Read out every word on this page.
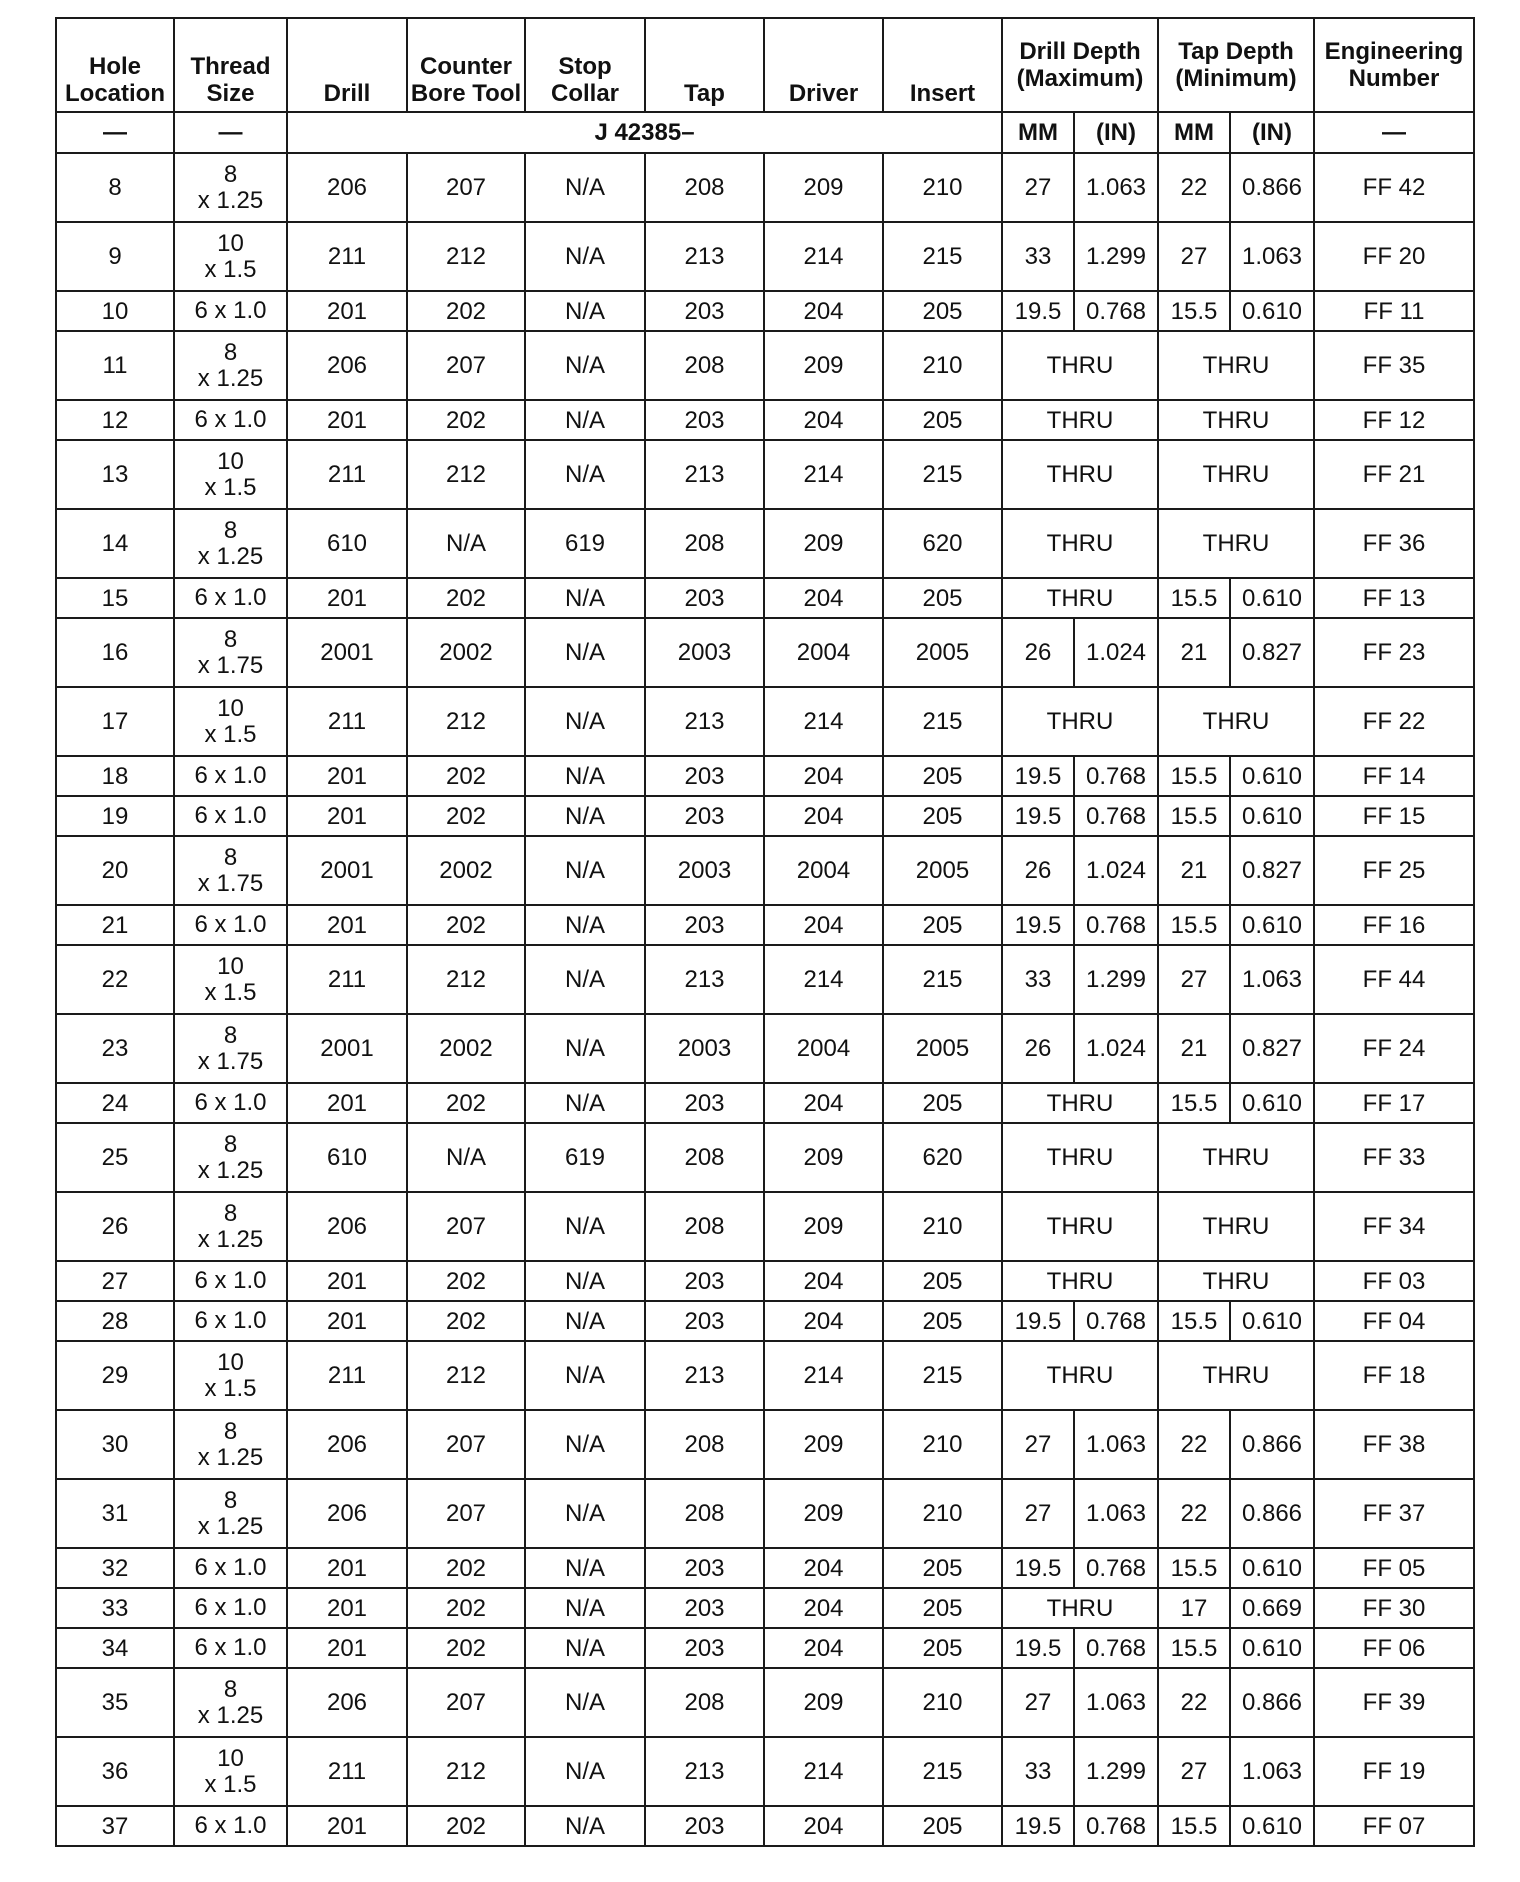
Hole Location	Thread Size	Drill	Counter Bore Tool	Stop Collar	Tap	Driver	Insert	Drill Depth (Maximum)		Tap Depth (Minimum)		Engineering Number
—	—	J 42385–						MM	(IN)	MM	(IN)	—
8	8
x 1.25	206	207	N/A	208	209	210	27	1.063	22	0.866	FF 42
9	10
x 1.5	211	212	N/A	213	214	215	33	1.299	27	1.063	FF 20
10	6 x 1.0	201	202	N/A	203	204	205	19.5	0.768	15.5	0.610	FF 11
11	8
x 1.25	206	207	N/A	208	209	210	THRU		THRU		FF 35
12	6 x 1.0	201	202	N/A	203	204	205	THRU		THRU		FF 12
13	10
x 1.5	211	212	N/A	213	214	215	THRU		THRU		FF 21
14	8
x 1.25	610	N/A	619	208	209	620	THRU		THRU		FF 36
15	6 x 1.0	201	202	N/A	203	204	205	THRU		15.5	0.610	FF 13
16	8
x 1.75	2001	2002	N/A	2003	2004	2005	26	1.024	21	0.827	FF 23
17	10
x 1.5	211	212	N/A	213	214	215	THRU		THRU		FF 22
18	6 x 1.0	201	202	N/A	203	204	205	19.5	0.768	15.5	0.610	FF 14
19	6 x 1.0	201	202	N/A	203	204	205	19.5	0.768	15.5	0.610	FF 15
20	8
x 1.75	2001	2002	N/A	2003	2004	2005	26	1.024	21	0.827	FF 25
21	6 x 1.0	201	202	N/A	203	204	205	19.5	0.768	15.5	0.610	FF 16
22	10
x 1.5	211	212	N/A	213	214	215	33	1.299	27	1.063	FF 44
23	8
x 1.75	2001	2002	N/A	2003	2004	2005	26	1.024	21	0.827	FF 24
24	6 x 1.0	201	202	N/A	203	204	205	THRU		15.5	0.610	FF 17
25	8
x 1.25	610	N/A	619	208	209	620	THRU		THRU		FF 33
26	8
x 1.25	206	207	N/A	208	209	210	THRU		THRU		FF 34
27	6 x 1.0	201	202	N/A	203	204	205	THRU		THRU		FF 03
28	6 x 1.0	201	202	N/A	203	204	205	19.5	0.768	15.5	0.610	FF 04
29	10
x 1.5	211	212	N/A	213	214	215	THRU		THRU		FF 18
30	8
x 1.25	206	207	N/A	208	209	210	27	1.063	22	0.866	FF 38
31	8
x 1.25	206	207	N/A	208	209	210	27	1.063	22	0.866	FF 37
32	6 x 1.0	201	202	N/A	203	204	205	19.5	0.768	15.5	0.610	FF 05
33	6 x 1.0	201	202	N/A	203	204	205	THRU		17	0.669	FF 30
34	6 x 1.0	201	202	N/A	203	204	205	19.5	0.768	15.5	0.610	FF 06
35	8
x 1.25	206	207	N/A	208	209	210	27	1.063	22	0.866	FF 39
36	10
x 1.5	211	212	N/A	213	214	215	33	1.299	27	1.063	FF 19
37	6 x 1.0	201	202	N/A	203	204	205	19.5	0.768	15.5	0.610	FF 07
